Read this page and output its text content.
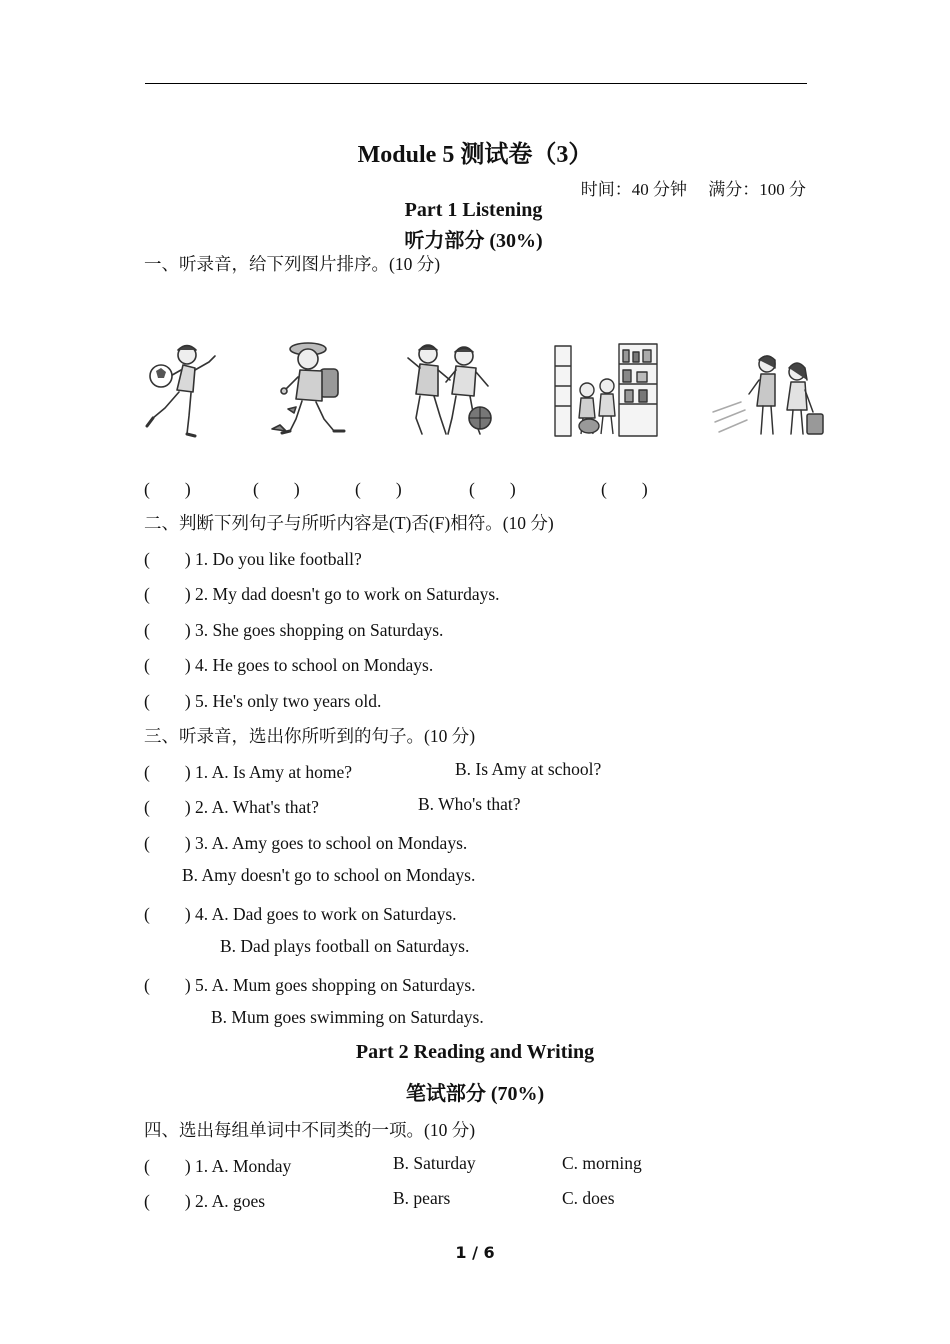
Module 5 测试卷（3）
时间：40 分钟　 满分：100 分
Part 1 Listening
听力部分 (30%)
一、听录音，给下列图片排序。(10 分)
(　　)	(　　)	(　　)	(　　)	(　　)
二、判断下列句子与所听内容是(T)否(F)相符。(10 分)
(　　) 1. Do you like football?
(　　) 2. My dad doesn't go to work on Saturdays.
(　　) 3. She goes shopping on Saturdays.
(　　) 4. He goes to school on Mondays.
(　　) 5. He's only two years old.
三、听录音，选出你所听到的句子。(10 分)
(　　) 1. A. Is Amy at home?	B. Is Amy at school?
(　　) 2. A. What's that?	B. Who's that?
(　　) 3. A. Amy goes to school on Mondays.
B. Amy doesn't go to school on Mondays.
(　　) 4. A. Dad goes to work on Saturdays.
B. Dad plays football on Saturdays.
(　　) 5. A. Mum goes shopping on Saturdays.
B. Mum goes swimming on Saturdays.
Part 2 Reading and Writing
笔试部分 (70%)
四、选出每组单词中不同类的一项。(10 分)
(　　) 1. A. Monday	B. Saturday	C. morning
(　　) 2. A. goes	B. pears	C. does
1 / 6
